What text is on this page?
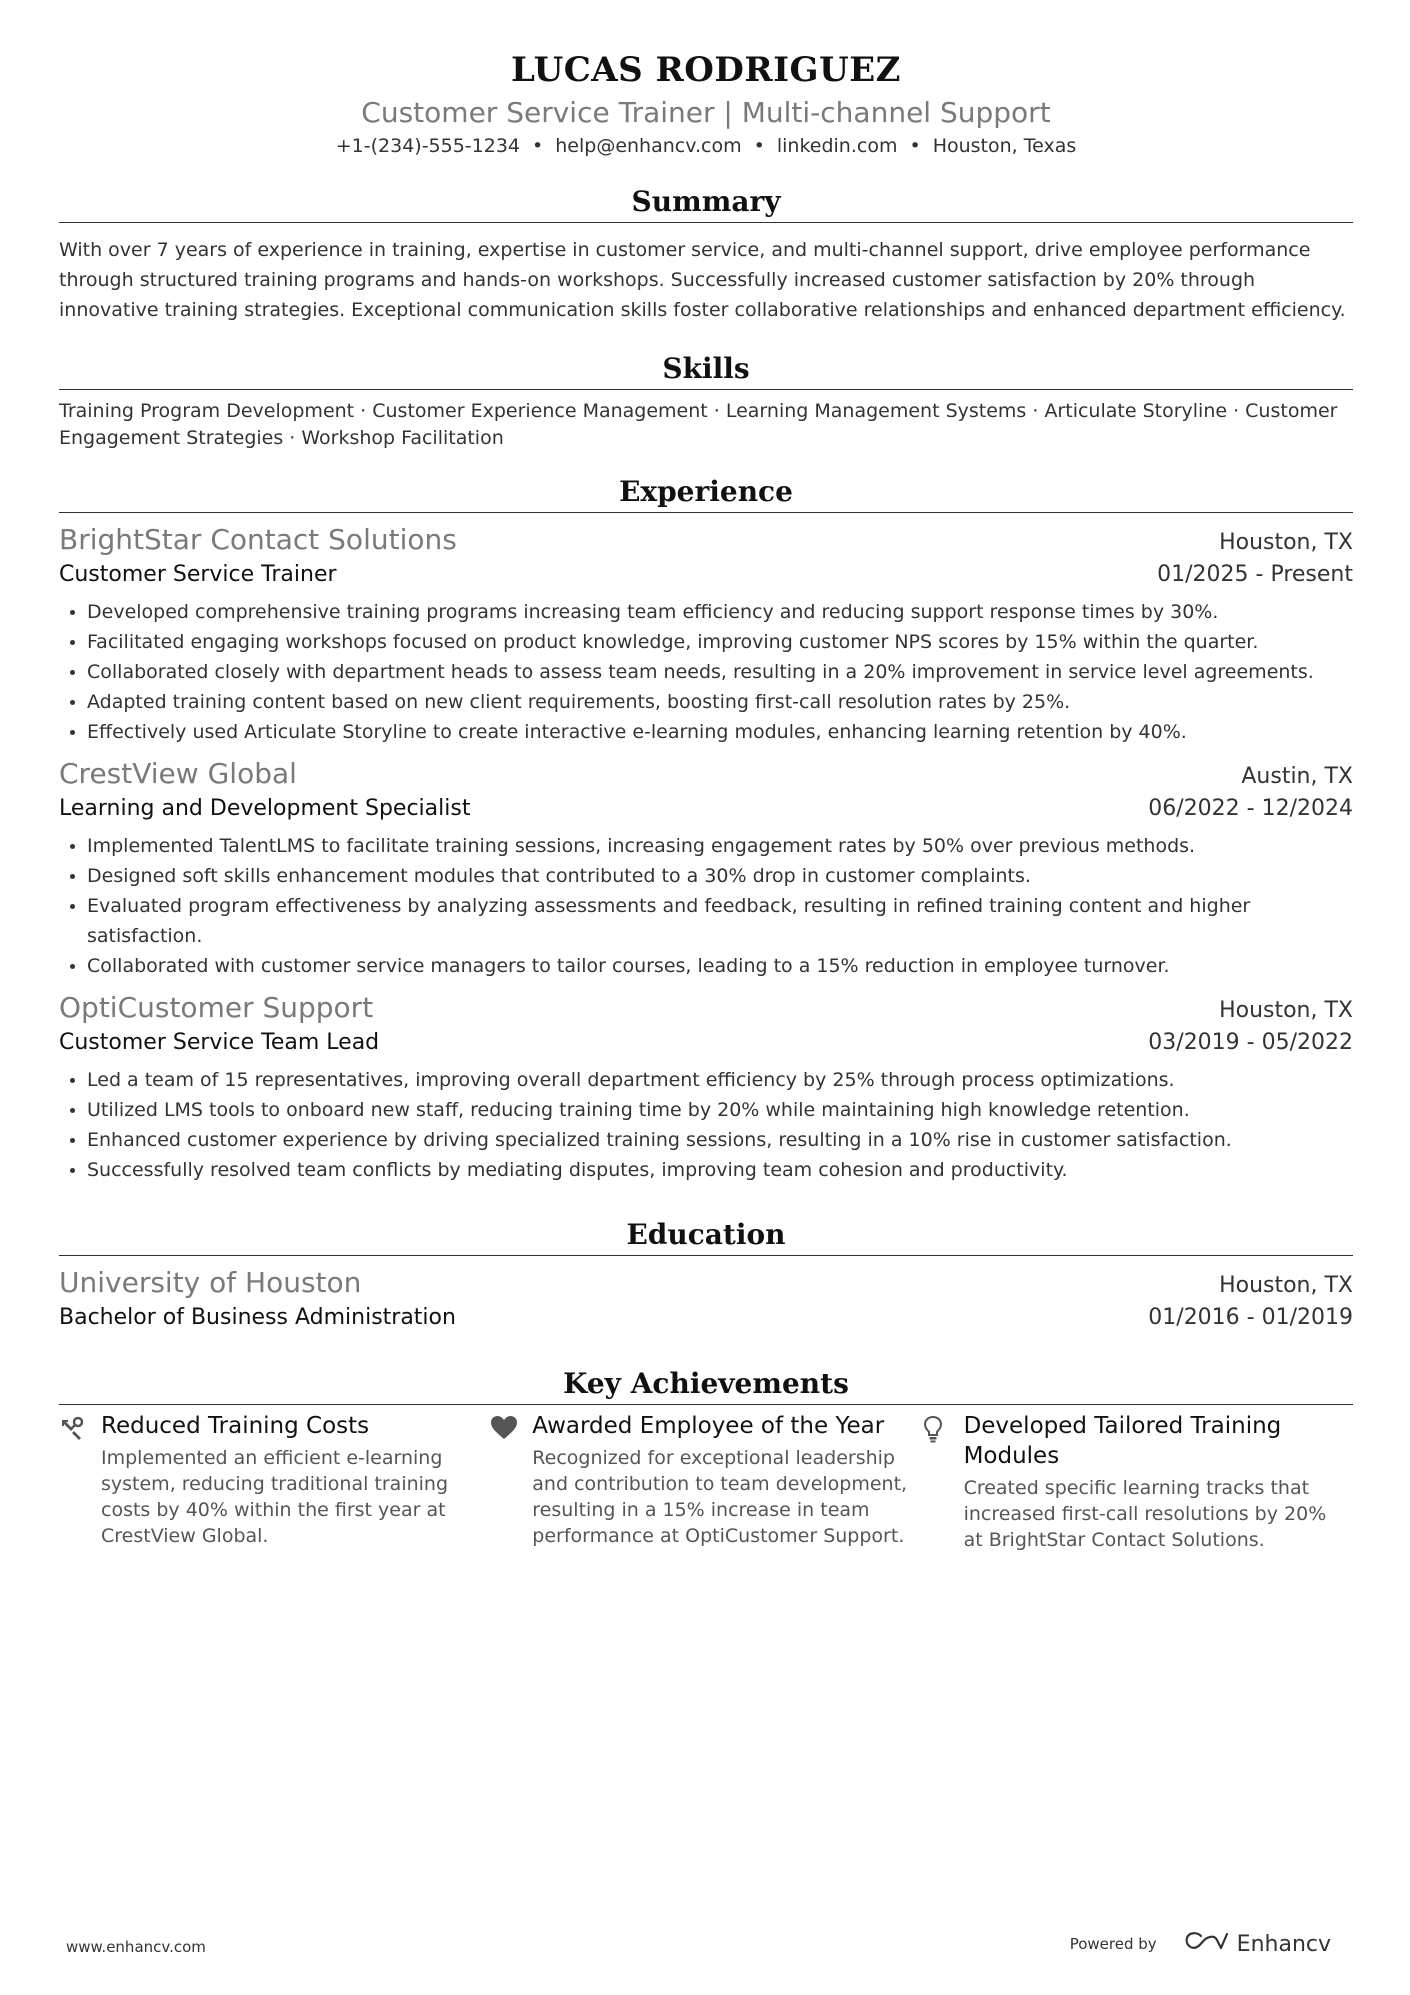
LUCAS RODRIGUEZ
Customer Service Trainer | Multi-channel Support
+1-(234)-555-1234 • help@enhancv.com • linkedin.com • Houston, Texas
Summary
With over 7 years of experience in training, expertise in customer service, and multi-channel support, drive employee performance through structured training programs and hands-on workshops. Successfully increased customer satisfaction by 20% through innovative training strategies. Exceptional communication skills foster collaborative relationships and enhanced department efficiency.
Skills
Training Program Development · Customer Experience Management · Learning Management Systems · Articulate Storyline · Customer Engagement Strategies · Workshop Facilitation
Experience
BrightStar Contact Solutions	Houston, TX
Customer Service Trainer	01/2025 - Present
• Developed comprehensive training programs increasing team efficiency and reducing support response times by 30%.
• Facilitated engaging workshops focused on product knowledge, improving customer NPS scores by 15% within the quarter.
• Collaborated closely with department heads to assess team needs, resulting in a 20% improvement in service level agreements.
• Adapted training content based on new client requirements, boosting first-call resolution rates by 25%.
• Effectively used Articulate Storyline to create interactive e-learning modules, enhancing learning retention by 40%.
CrestView Global	Austin, TX
Learning and Development Specialist	06/2022 - 12/2024
• Implemented TalentLMS to facilitate training sessions, increasing engagement rates by 50% over previous methods.
• Designed soft skills enhancement modules that contributed to a 30% drop in customer complaints.
• Evaluated program effectiveness by analyzing assessments and feedback, resulting in refined training content and higher satisfaction.
• Collaborated with customer service managers to tailor courses, leading to a 15% reduction in employee turnover.
OptiCustomer Support	Houston, TX
Customer Service Team Lead	03/2019 - 05/2022
• Led a team of 15 representatives, improving overall department efficiency by 25% through process optimizations.
• Utilized LMS tools to onboard new staff, reducing training time by 20% while maintaining high knowledge retention.
• Enhanced customer experience by driving specialized training sessions, resulting in a 10% rise in customer satisfaction.
• Successfully resolved team conflicts by mediating disputes, improving team cohesion and productivity.
Education
University of Houston	Houston, TX
Bachelor of Business Administration	01/2016 - 01/2019
Key Achievements
Reduced Training Costs
Implemented an efficient e-learning system, reducing traditional training costs by 40% within the first year at CrestView Global.
Awarded Employee of the Year
Recognized for exceptional leadership and contribution to team development, resulting in a 15% increase in team performance at OptiCustomer Support.
Developed Tailored Training Modules
Created specific learning tracks that increased first-call resolutions by 20% at BrightStar Contact Solutions.
www.enhancv.com	Powered by	Enhancv
